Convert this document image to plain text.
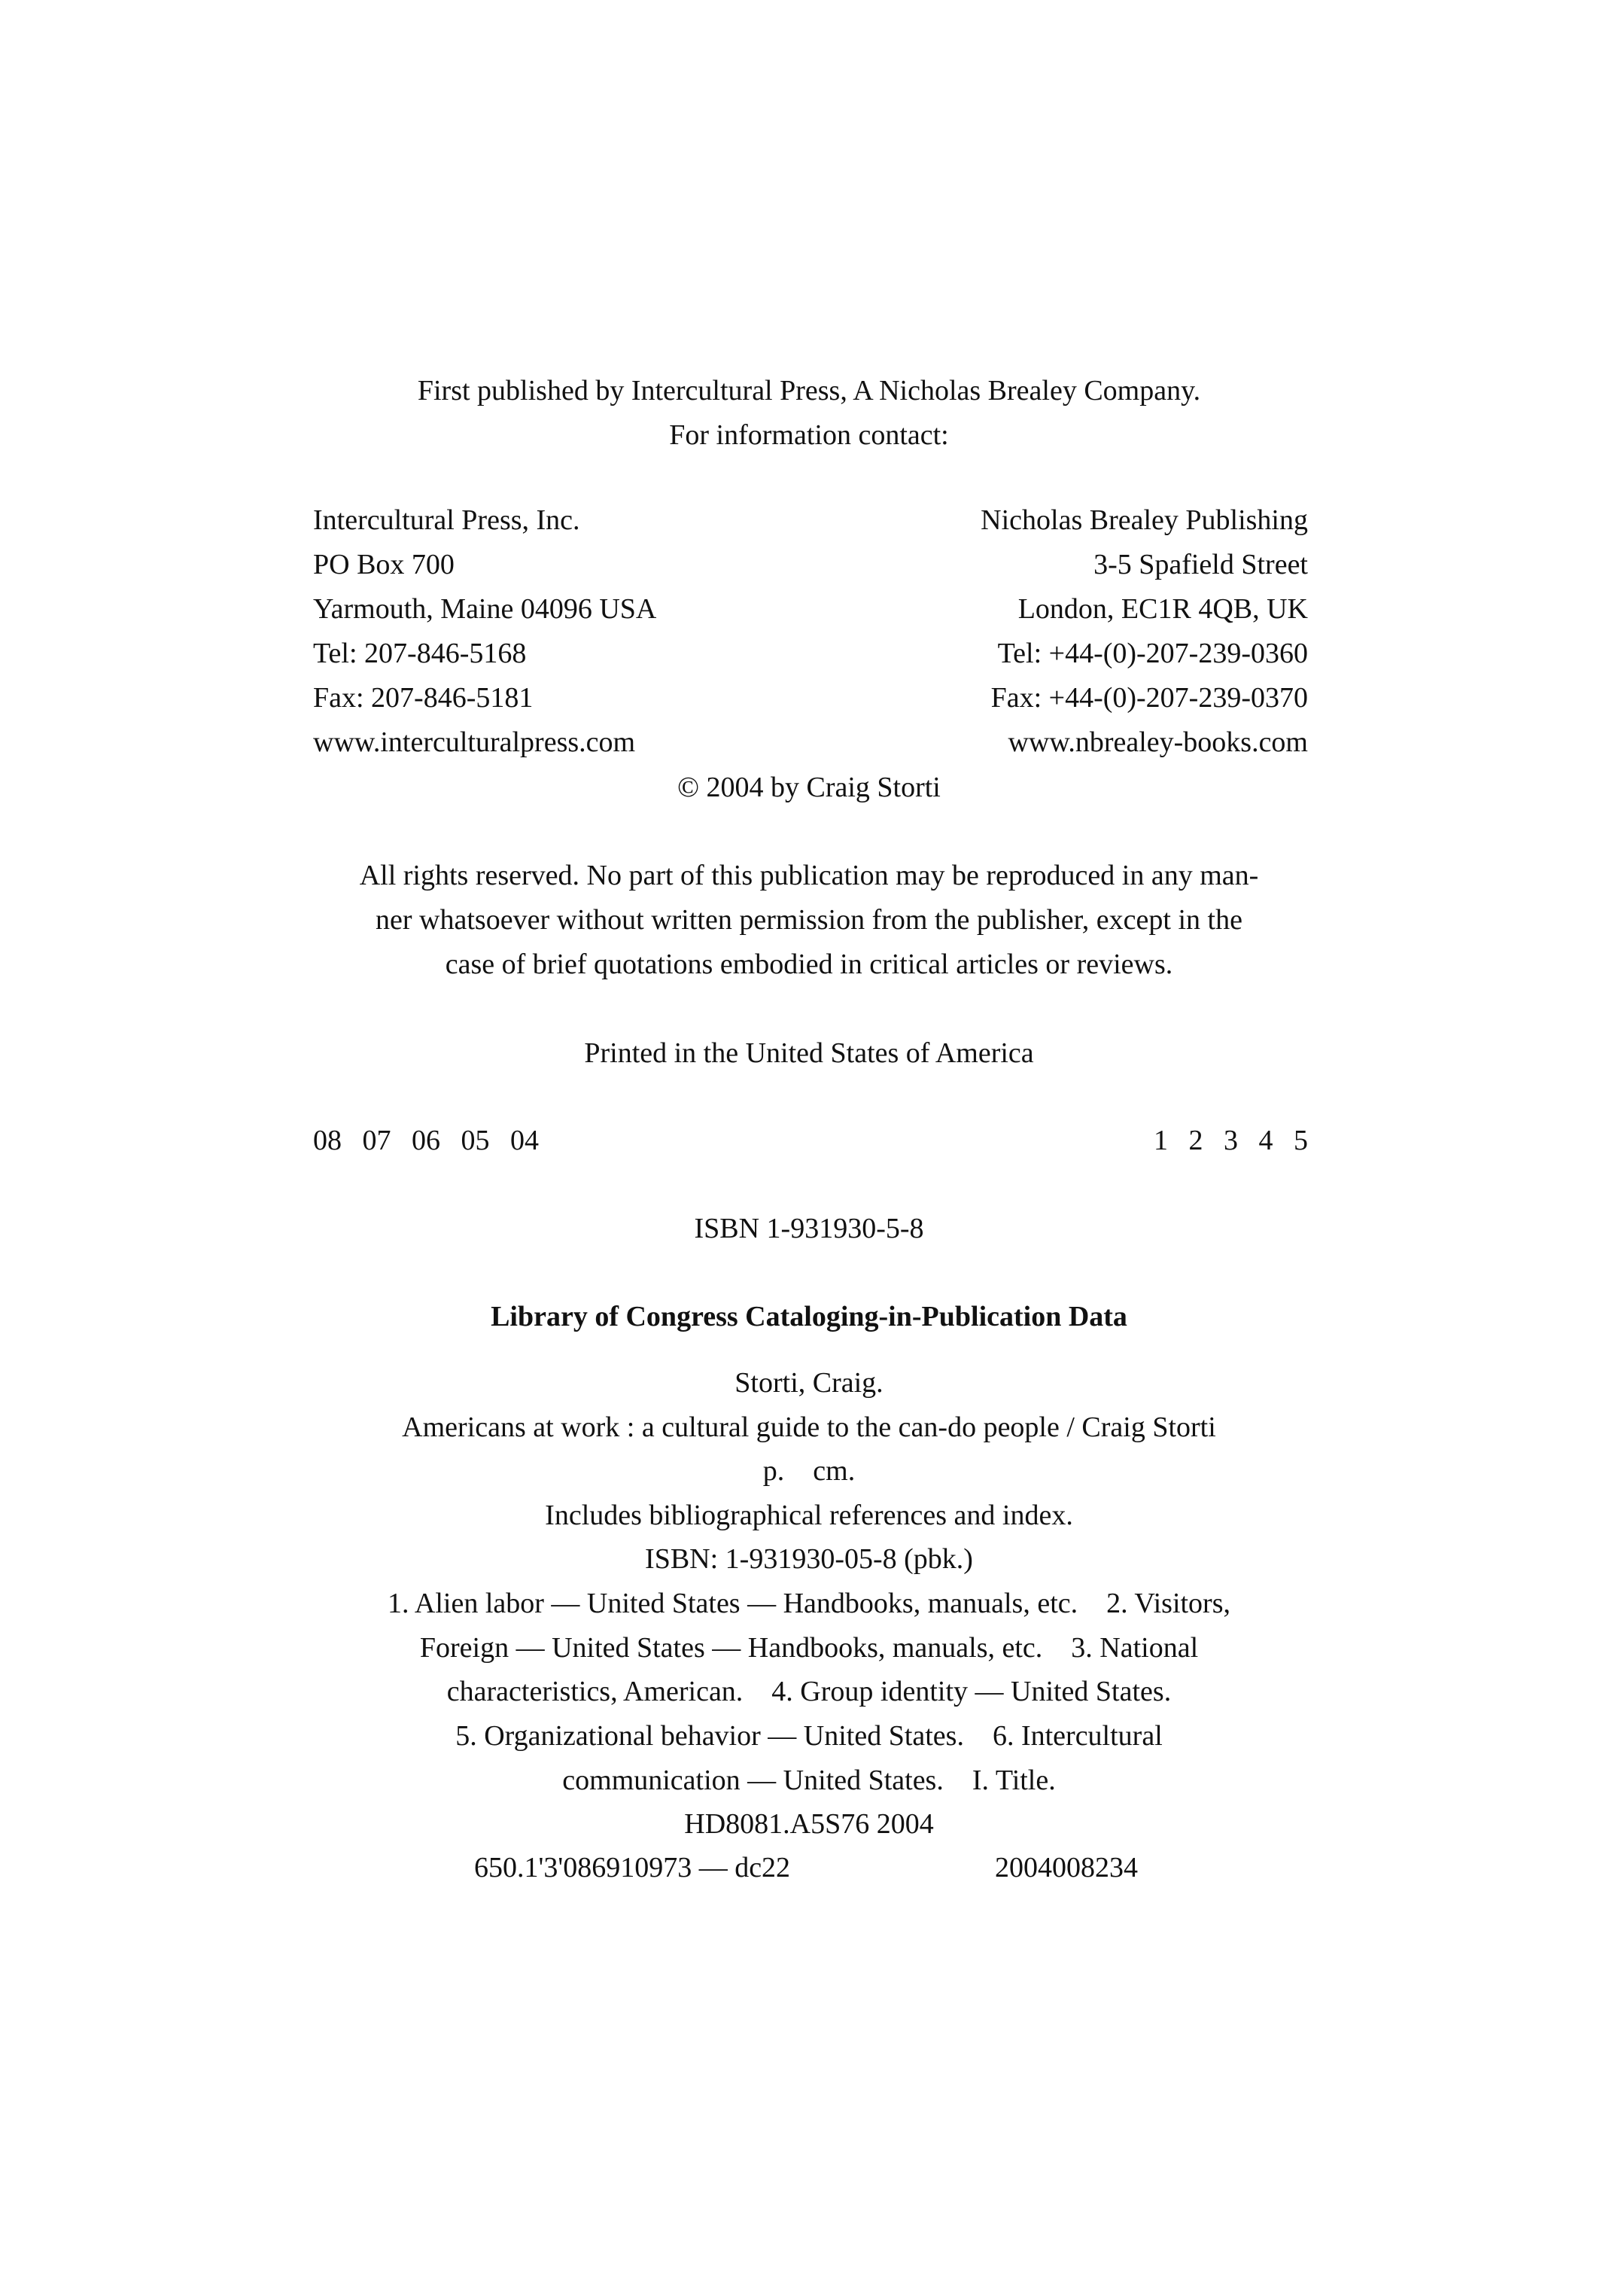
First published by Intercultural Press, A Nicholas Brealey Company.
For information contact:
Intercultural Press, Inc.
PO Box 700
Yarmouth, Maine 04096 USA
Tel: 207-846-5168
Fax: 207-846-5181
www.interculturalpress.com
Nicholas Brealey Publishing
3-5 Spafield Street
London, EC1R 4QB, UK
Tel: +44-(0)-207-239-0360
Fax: +44-(0)-207-239-0370
www.nbrealey-books.com
© 2004 by Craig Storti
All rights reserved. No part of this publication may be reproduced in any man-
ner whatsoever without written permission from the publisher, except in the
case of brief quotations embodied in critical articles or reviews.
Printed in the United States of America
08 07 06 05 04	1 2 3 4 5
ISBN 1-931930-5-8
Library of Congress Cataloging-in-Publication Data
Storti, Craig.
Americans at work : a cultural guide to the can-do people / Craig Storti
p.    cm.
Includes bibliographical references and index.
ISBN: 1-931930-05-8 (pbk.)
1. Alien labor — United States — Handbooks, manuals, etc.    2. Visitors,
Foreign — United States — Handbooks, manuals, etc.    3. National
characteristics, American.    4. Group identity — United States.
5. Organizational behavior — United States.    6. Intercultural
communication — United States.    I. Title.
HD8081.A5S76 2004
650.1'3'086910973 — dc22	2004008234
